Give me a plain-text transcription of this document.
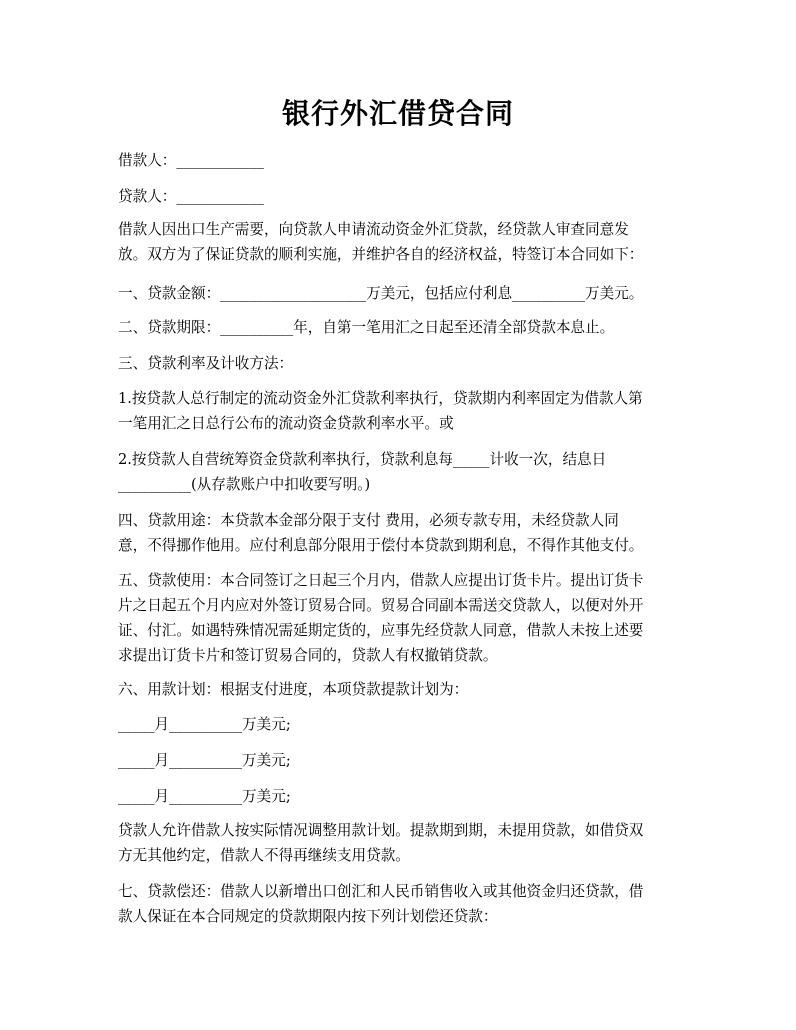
银行外汇借贷合同

借款人：____________

贷款人：____________

借款人因出口生产需要，向贷款人申请流动资金外汇贷款，经贷款人审查同意发
放。双方为了保证贷款的顺利实施，并维护各自的经济权益，特签订本合同如下：

一、贷款金额：____________________万美元，包括应付利息__________万美元。

二、贷款期限：__________年，自第一笔用汇之日起至还清全部贷款本息止。

三、贷款利率及计收方法：

1.按贷款人总行制定的流动资金外汇贷款利率执行，贷款期内利率固定为借款人第
一笔用汇之日总行公布的流动资金贷款利率水平。或

2.按贷款人自营统筹资金贷款利率执行，贷款利息每_____计收一次，结息日
__________(从存款账户中扣收要写明。)

四、贷款用途：本贷款本金部分限于支付 费用，必须专款专用，未经贷款人同
意，不得挪作他用。应付利息部分限用于偿付本贷款到期利息，不得作其他支付。

五、贷款使用：本合同签订之日起三个月内，借款人应提出订货卡片。提出订货卡
片之日起五个月内应对外签订贸易合同。贸易合同副本需送交贷款人，以便对外开
证、付汇。如遇特殊情况需延期定货的，应事先经贷款人同意，借款人未按上述要
求提出订货卡片和签订贸易合同的，贷款人有权撤销贷款。

六、用款计划：根据支付进度，本项贷款提款计划为：

_____月__________万美元;

_____月__________万美元;

_____月__________万美元;

贷款人允许借款人按实际情况调整用款计划。提款期到期，未提用贷款，如借贷双
方无其他约定，借款人不得再继续支用贷款。

七、贷款偿还：借款人以新增出口创汇和人民币销售收入或其他资金归还贷款，借
款人保证在本合同规定的贷款期限内按下列计划偿还贷款：
